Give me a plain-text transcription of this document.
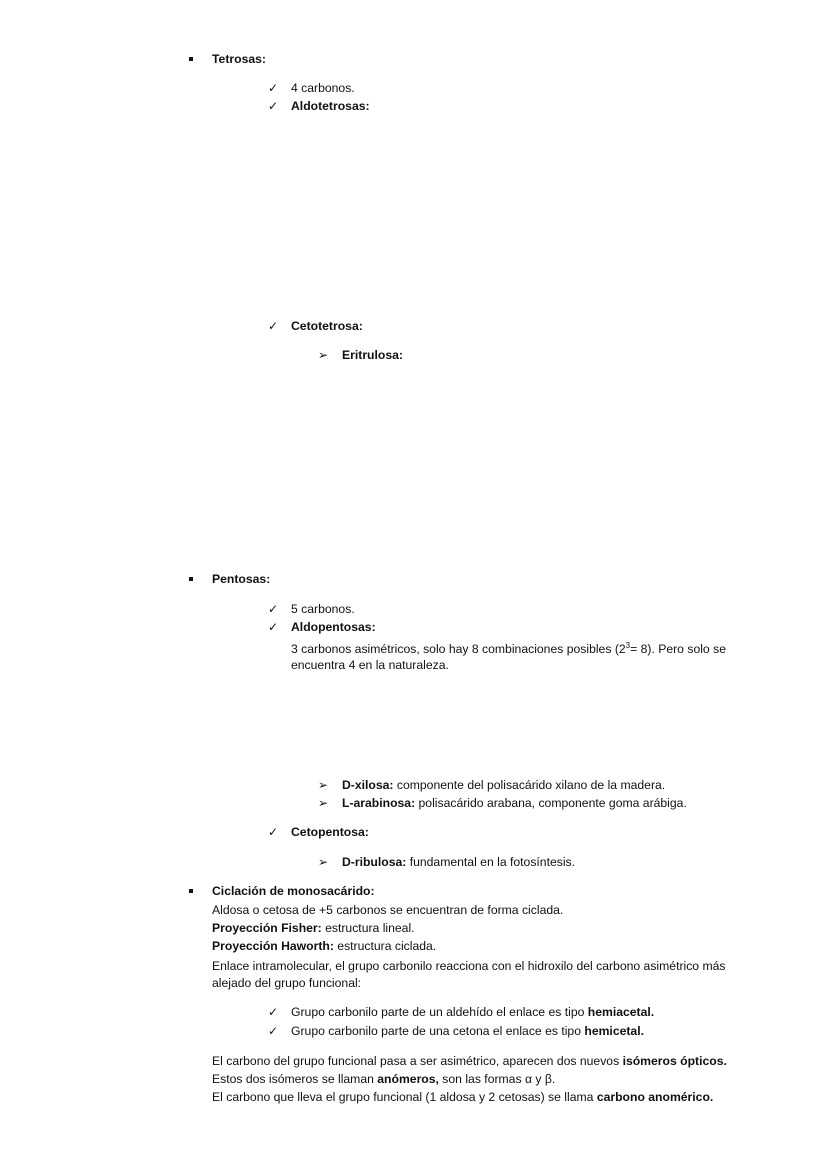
Tetrosas:
✓ 4 carbonos.
✓ Aldotetrosas:
✓ Cetotetrosa:
➢ Eritrulosa:
Pentosas:
✓ 5 carbonos.
✓ Aldopentosas:
3 carbonos asimétricos, solo hay 8 combinaciones posibles $(2^3= 8)$. Pero solo se
encuentra 4 en la naturaleza.
➢ D-xilosa: componente del polisacárido xilano de la madera.
➢ L-arabinosa: polisacárido arabana, componente goma arábiga.
✓ Cetopentosa:
➢ D-ribulosa: fundamental en la fotosíntesis.
Ciclación de monosacárido:
Aldosa o cetosa de +5 carbonos se encuentran de forma ciclada.
Proyección Fisher: estructura lineal.
Proyección Haworth: estructura ciclada.
Enlace intramolecular, el grupo carbonilo reacciona con el hidroxilo del carbono asimétrico más
alejado del grupo funcional:
✓ Grupo carbonilo parte de un aldehído el enlace es tipo hemiacetal.
✓ Grupo carbonilo parte de una cetona el enlace es tipo hemicetal.
El carbono del grupo funcional pasa a ser asimétrico, aparecen dos nuevos isómeros ópticos.
Estos dos isómeros se llaman anómeros, son las formas α y β.
El carbono que lleva el grupo funcional (1 aldosa y 2 cetosas) se llama carbono anomérico.
